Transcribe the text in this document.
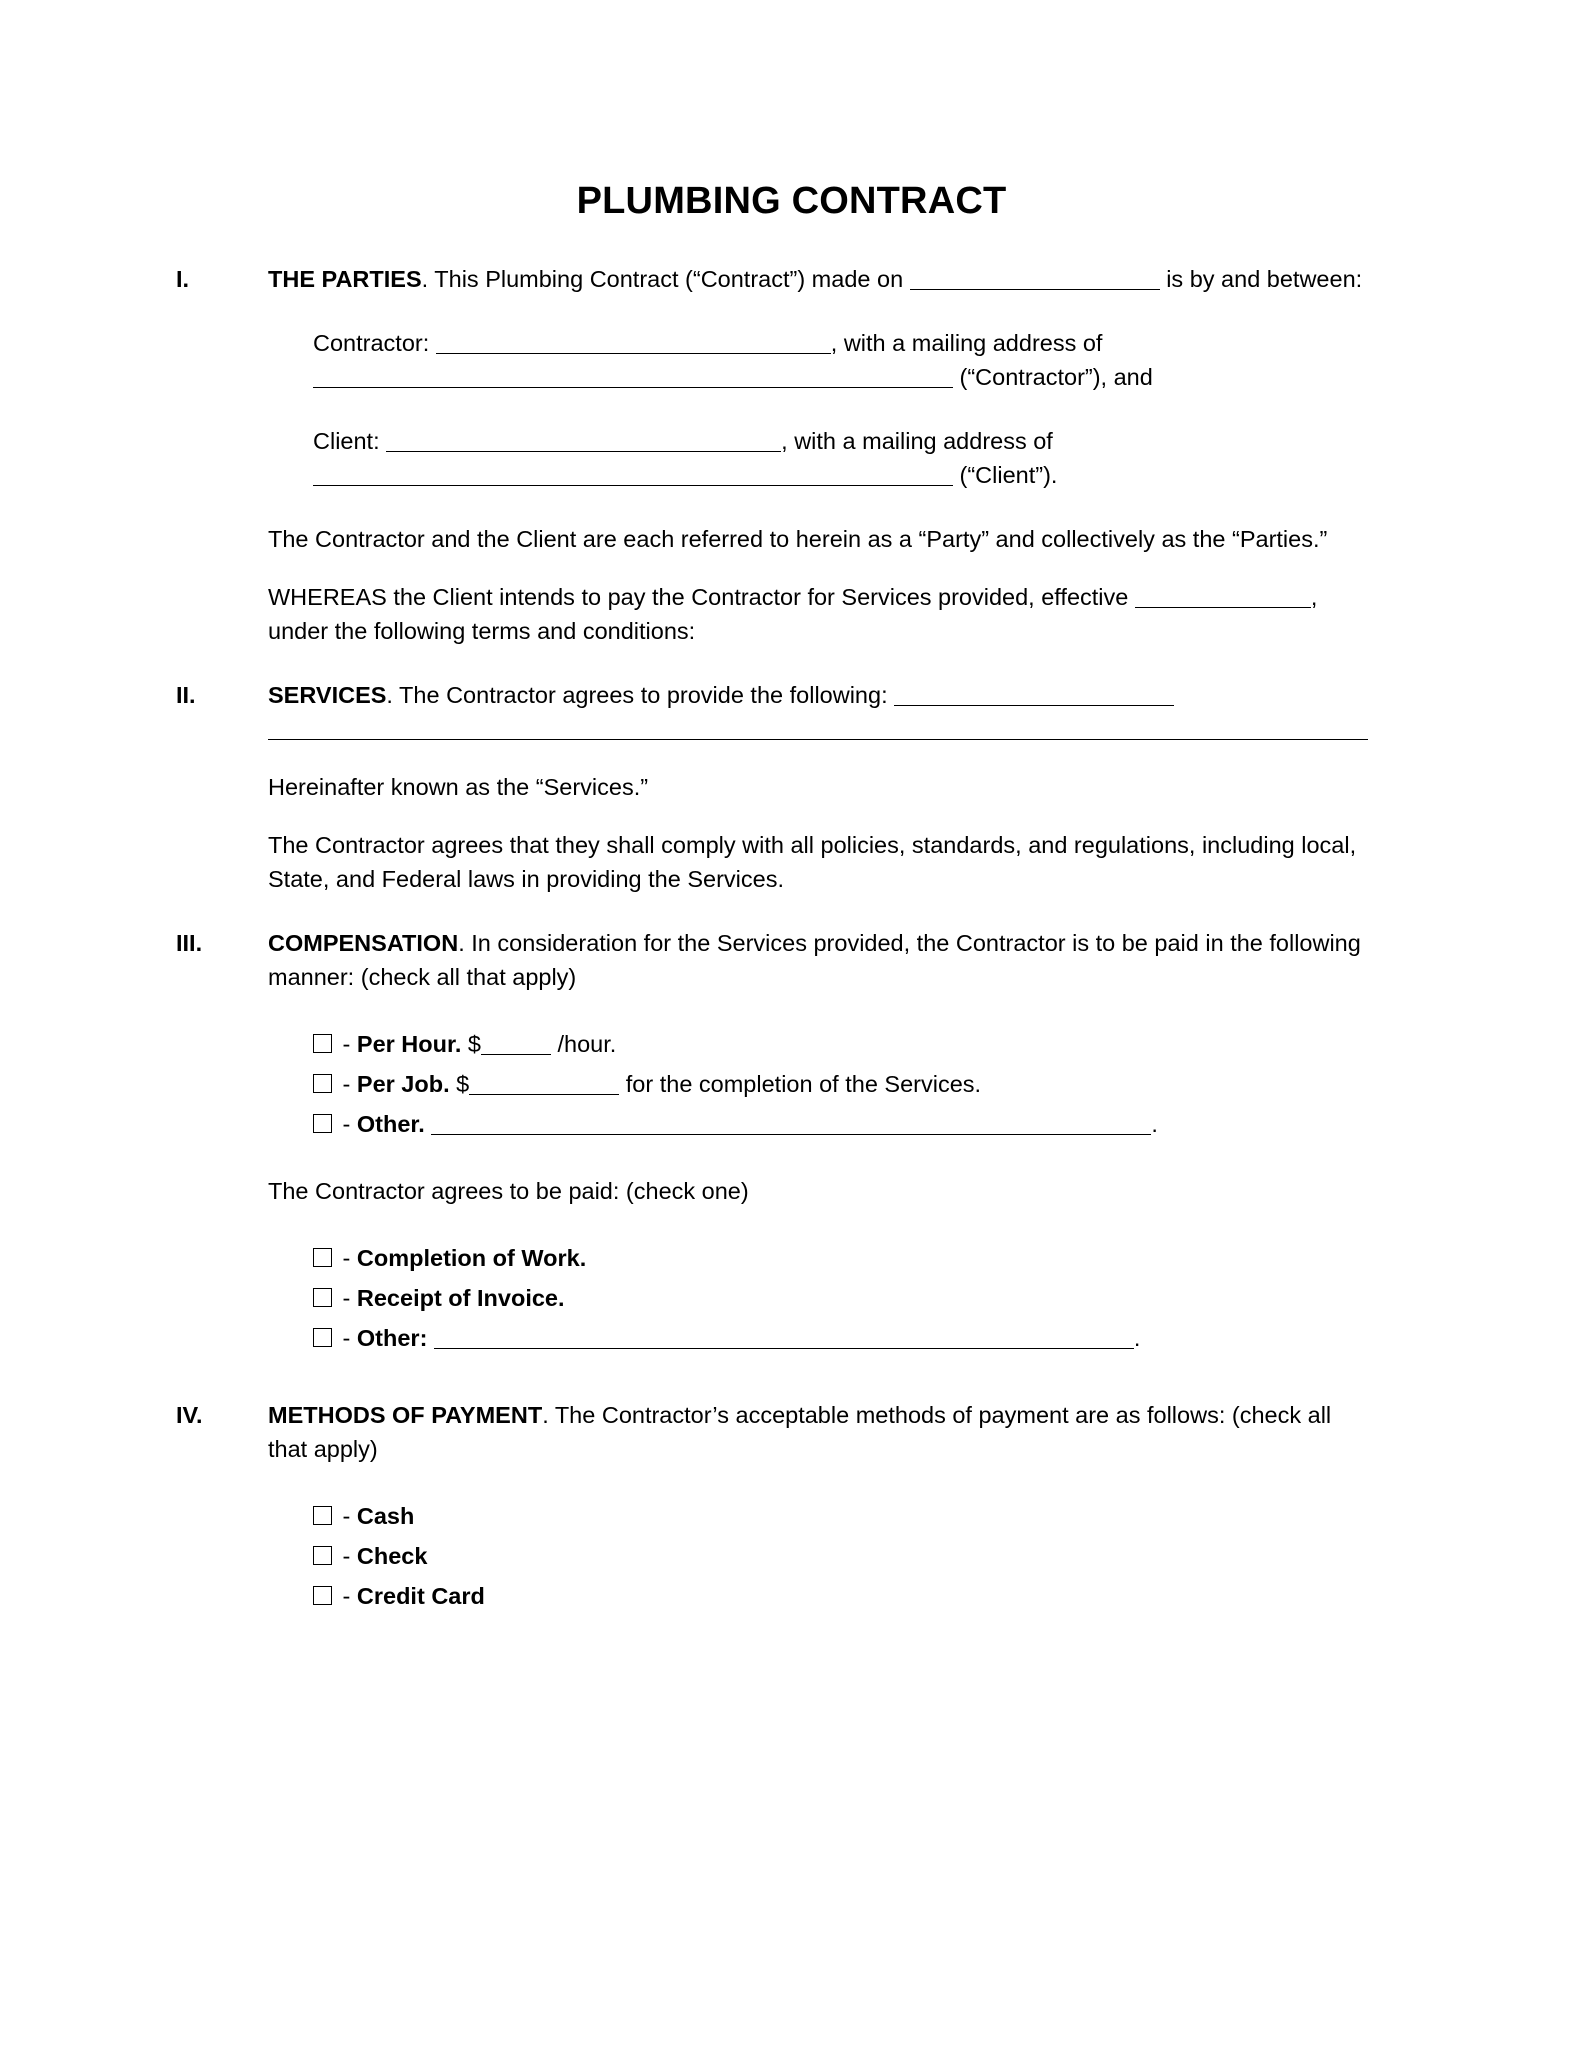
PLUMBING CONTRACT
I.	THE PARTIES. This Plumbing Contract (“Contract”) made on	is by and between:
Contractor:	, with a mailing address of
(“Contractor”), and
Client:	, with a mailing address of
(“Client”).

The Contractor and the Client are each referred to herein as a “Party” and collectively as the “Parties.”

WHEREAS the Client intends to pay the Contractor for Services provided, effective	, under the following terms and conditions:

II.	SERVICES. The Contractor agrees to provide the following:

Hereinafter known as the “Services.”

The Contractor agrees that they shall comply with all policies, standards, and regulations, including local, State, and Federal laws in providing the Services.

III.	COMPENSATION. In consideration for the Services provided, the Contractor is to be paid in the following manner: (check all that apply)
- Per Hour. $	/hour.
- Per Job. $	for the completion of the Services.
- Other.	.

The Contractor agrees to be paid: (check one)

- Completion of Work.
- Receipt of Invoice.
- Other:	.
IV.	METHODS OF PAYMENT. The Contractor’s acceptable methods of payment are as follows: (check all that apply)
- Cash
- Check
- Credit Card
